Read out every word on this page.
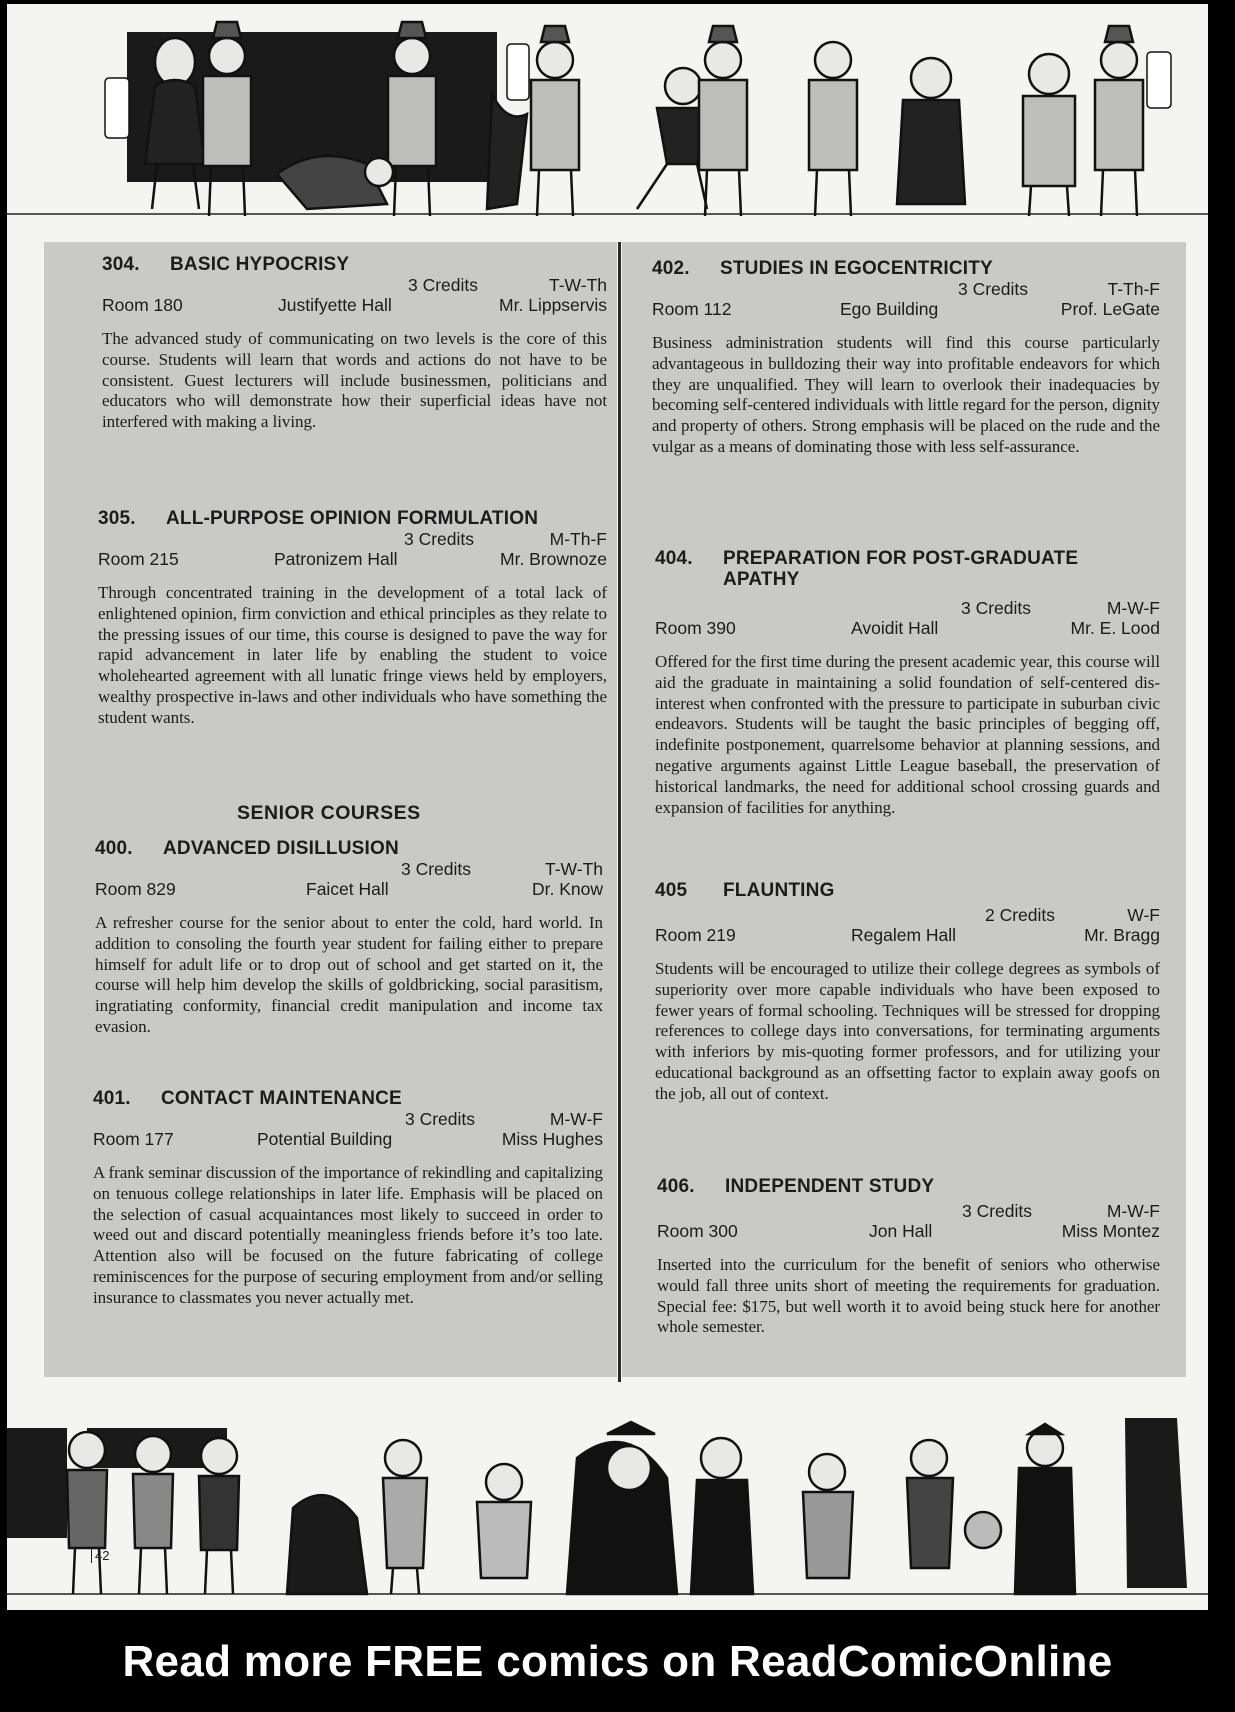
304.	BASIC HYPOCRISY
3 Credits	T-W-Th
Room 180	Justifyette Hall	Mr. Lippservis

The advanced study of communicating on two levels is the core of this course. Students will learn that words and actions do not have to be consistent. Guest lecturers will include businessmen, politicians and educators who will demonstrate how their superficial ideas have not interfered with making a living.

305.	ALL-PURPOSE OPINION FORMULATION
3 Credits	M-Th-F
Room 215	Patronizem Hall	Mr. Brownoze

Through concentrated training in the development of a total lack of enlightened opinion, firm conviction and ethical principles as they relate to the pressing issues of our time, this course is designed to pave the way for rapid advancement in later life by enabling the student to voice wholehearted agreement with all lunatic fringe views held by employers, wealthy prospective in-laws and other individuals who have something the student wants.

SENIOR COURSES
400.	ADVANCED DISILLUSION
3 Credits	T-W-Th
Room 829	Faicet Hall	Dr. Know

A refresher course for the senior about to enter the cold, hard world. In addition to consoling the fourth year student for failing either to prepare himself for adult life or to drop out of school and get started on it, the course will help him develop the skills of goldbricking, social parasitism, ingratiating conformity, financial credit manipulation and income tax evasion.

401.	CONTACT MAINTENANCE
3 Credits	M-W-F
Room 177	Potential Building	Miss Hughes

A frank seminar discussion of the importance of rekindling and capitalizing on tenuous college relationships in later life. Emphasis will be placed on the selection of casual acquaintances most likely to succeed in order to weed out and discard potentially meaningless friends before it’s too late. Attention also will be focused on the future fabricating of college reminiscences for the purpose of securing employment from and/or selling insurance to classmates you never actually met.

402.	STUDIES IN EGOCENTRICITY
3 Credits	T-Th-F
Room 112	Ego Building	Prof. LeGate

Business administration students will find this course particularly advantageous in bulldozing their way into profitable endeavors for which they are unqualified. They will learn to overlook their inadequacies by becoming self-centered individuals with little regard for the person, dignity and property of others. Strong emphasis will be placed on the rude and the vulgar as a means of dominating those with less self-assurance.

404.	PREPARATION FOR POST-GRADUATE APATHY
3 Credits	M-W-F
Room 390	Avoidit Hall	Mr. E. Lood

Offered for the first time during the present academic year, this course will aid the graduate in maintaining a solid foundation of self-centered dis-interest when confronted with the pressure to participate in suburban civic endeavors. Students will be taught the basic principles of begging off, indefinite postponement, quarrelsome behavior at planning sessions, and negative arguments against Little League baseball, the preservation of historical landmarks, the need for additional school crossing guards and expansion of facilities for anything.

405	FLAUNTING
2 Credits	W-F
Room 219	Regalem Hall	Mr. Bragg

Students will be encouraged to utilize their college degrees as symbols of superiority over more capable individuals who have been exposed to fewer years of formal schooling. Techniques will be stressed for dropping references to college days into conversations, for terminating arguments with inferiors by mis-quoting former professors, and for utilizing your educational background as an offsetting factor to explain away goofs on the job, all out of context.

406.	INDEPENDENT STUDY
3 Credits	M-W-F
Room 300	Jon Hall	Miss Montez

Inserted into the curriculum for the benefit of seniors who otherwise would fall three units short of meeting the requirements for graduation. Special fee: $175, but well worth it to avoid being stuck here for another whole semester.

42
Read more FREE comics on ReadComicOnline
